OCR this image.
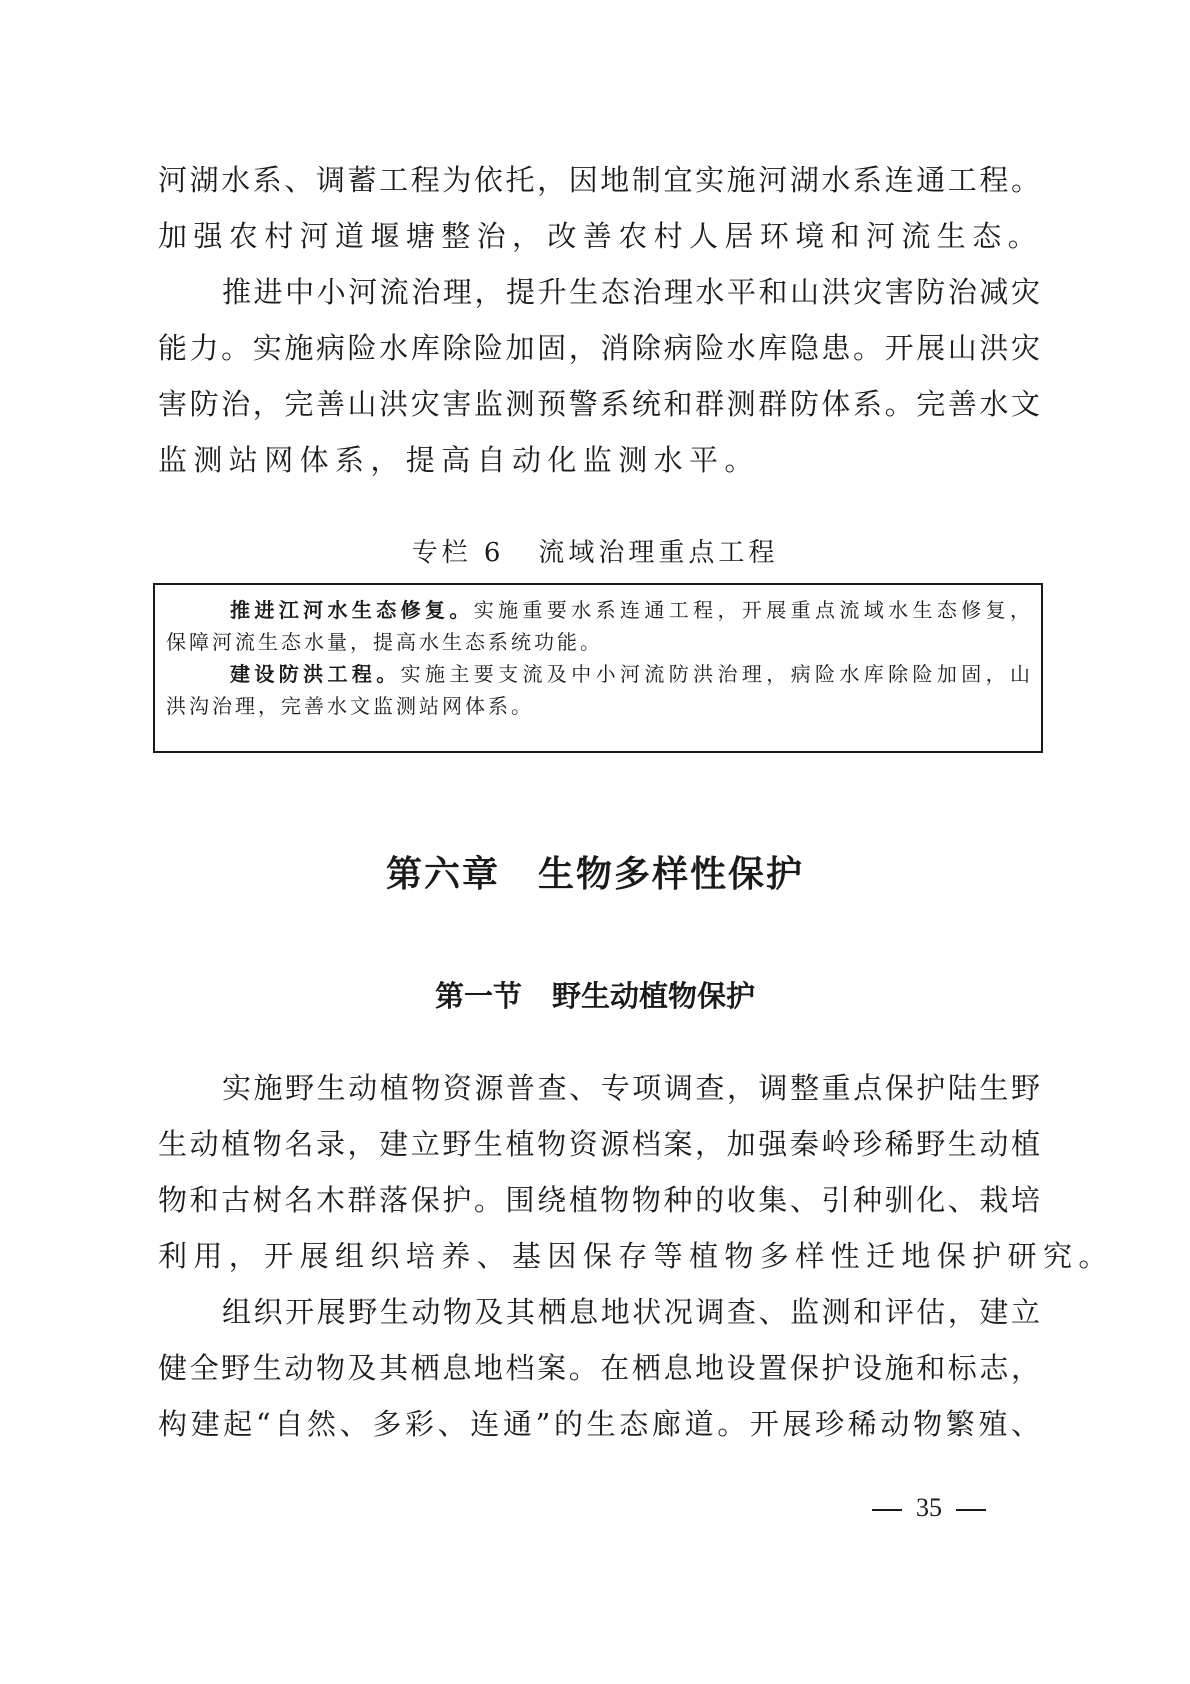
河湖水系、调蓄工程为依托，因地制宜实施河湖水系连通工程。
加强农村河道堰塘整治，改善农村人居环境和河流生态。
推进中小河流治理，提升生态治理水平和山洪灾害防治减灾
能力。实施病险水库除险加固，消除病险水库隐患。开展山洪灾
害防治，完善山洪灾害监测预警系统和群测群防体系。完善水文
监测站网体系，提高自动化监测水平。
专栏 6 流域治理重点工程
推进江河水生态修复。实施重要水系连通工程，开展重点流域水生态修复，
保障河流生态水量，提高水生态系统功能。
建设防洪工程。实施主要支流及中小河流防洪治理，病险水库除险加固，山
洪沟治理，完善水文监测站网体系。
第六章 生物多样性保护
第一节 野生动植物保护
实施野生动植物资源普查、专项调查，调整重点保护陆生野
生动植物名录，建立野生植物资源档案，加强秦岭珍稀野生动植
物和古树名木群落保护。围绕植物物种的收集、引种驯化、栽培
利用，开展组织培养、基因保存等植物多样性迁地保护研究。
组织开展野生动物及其栖息地状况调查、监测和评估，建立
健全野生动物及其栖息地档案。在栖息地设置保护设施和标志，
构建起“自然、多彩、连通”的生态廊道。开展珍稀动物繁殖、
35
